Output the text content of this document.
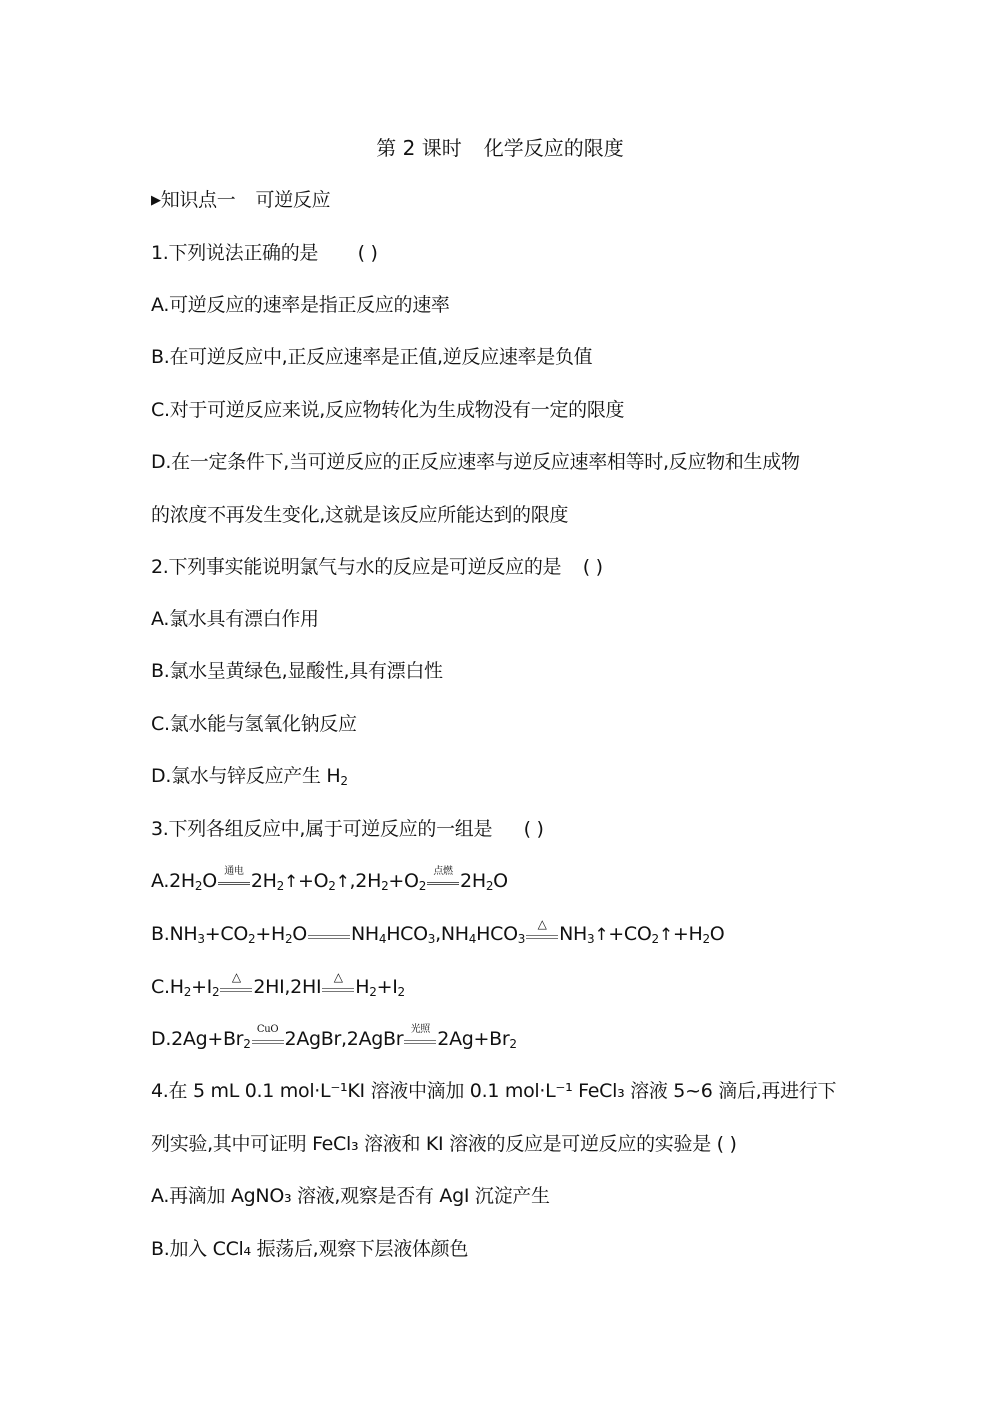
第 2 课时 化学反应的限度
▶知识点一 可逆反应
1.下列说法正确的是 ( )
A.可逆反应的速率是指正反应的速率
B.在可逆反应中,正反应速率是正值,逆反应速率是负值
C.对于可逆反应来说,反应物转化为生成物没有一定的限度
D.在一定条件下,当可逆反应的正反应速率与逆反应速率相等时,反应物和生成物
的浓度不再发生变化,这就是该反应所能达到的限度
2.下列事实能说明氯气与水的反应是可逆反应的是 ( )
A.氯水具有漂白作用
B.氯水呈黄绿色,显酸性,具有漂白性
C.氯水能与氢氧化钠反应
D.氯水与锌反应产生 $H_2$
3.下列各组反应中,属于可逆反应的一组是 ( )
$A.2H_2O$ 通电 $2H_2↑+O_2↑,2H_2+O_2$
点燃 $2H_2O$
$B.NH_3+CO_2+H_2O$ $NH_4HCO_3,NH_4HCO_3$
△ $NH_3↑+CO_2↑+H_2O$
$C.H_2+I_2$
△ 2HI,2HI	△ $H_2+I_2$
$D.2Ag+Br_2$
CuO 2AgBr,2AgBr 光照 $2Ag+Br_2$
4.在 5 mL 0.1 mol·L⁻¹KI 溶液中滴加 0.1 mol·L⁻¹ FeCl₃ 溶液 5~6 滴后,再进行下
列实验,其中可证明 FeCl₃ 溶液和 KI 溶液的反应是可逆反应的实验是 ( )
A.再滴加 AgNO₃ 溶液,观察是否有 AgI 沉淀产生
B.加入 CCl₄ 振荡后,观察下层液体颜色
